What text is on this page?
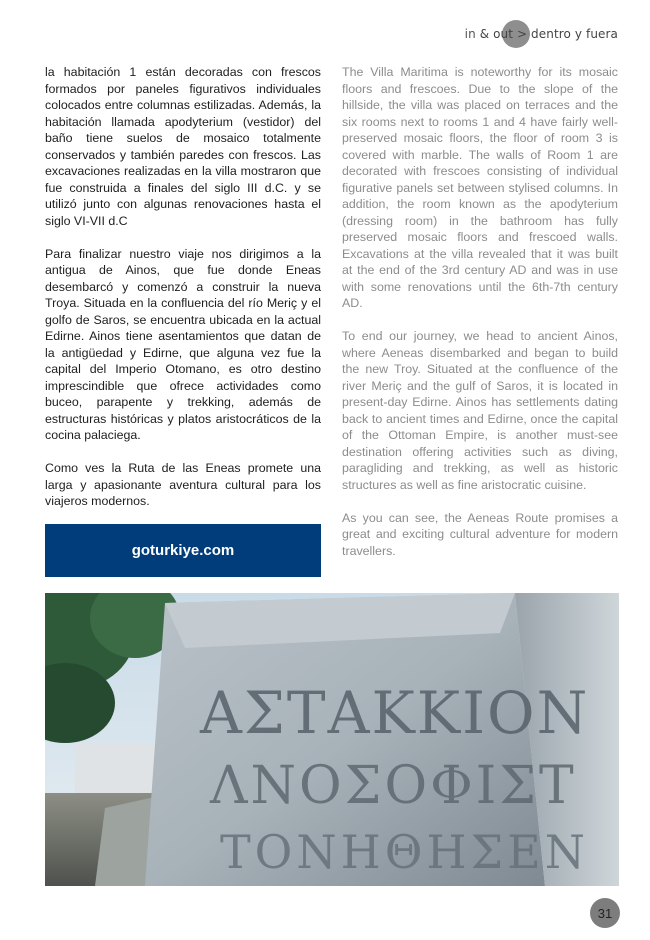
in & out > dentro y fuera

la habitación 1 están decoradas con frescos formados por paneles figurativos individuales colocados entre columnas estilizadas. Además, la habitación llamada apodyterium (vestidor) del baño tiene suelos de mosaico totalmente conservados y también paredes con frescos. Las excavaciones realizadas en la villa mostraron que fue construida a finales del siglo III d.C. y se utilizó junto con algunas renovaciones hasta el siglo VI-VII d.C

Para finalizar nuestro viaje nos dirigimos a la antigua de Ainos, que fue donde Eneas desembarcó y comenzó a construir la nueva Troya. Situada en la confluencia del río Meriç y el golfo de Saros, se encuentra ubicada en la actual Edirne. Ainos tiene asentamientos que datan de la antigüedad y Edirne, que alguna vez fue la capital del Imperio Otomano, es otro destino imprescindible que ofrece actividades como buceo, parapente y trekking, además de estructuras históricas y platos aristocráticos de la cocina palaciega.

Como ves la Ruta de las Eneas promete una larga y apasionante aventura cultural para los viajeros modernos.

goturkiye.com

The Villa Maritima is noteworthy for its mosaic floors and frescoes. Due to the slope of the hillside, the villa was placed on terraces and the six rooms next to rooms 1 and 4 have fairly well-preserved mosaic floors, the floor of room 3 is covered with marble. The walls of Room 1 are decorated with frescoes consisting of individual figurative panels set between stylised columns. In addition, the room known as the apodyterium (dressing room) in the bathroom has fully preserved mosaic floors and frescoed walls. Excavations at the villa revealed that it was built at the end of the 3rd century AD and was in use with some renovations until the 6th-7th century AD.

To end our journey, we head to ancient Ainos, where Aeneas disembarked and began to build the new Troy. Situated at the confluence of the river Meriç and the gulf of Saros, it is located in present-day Edirne. Ainos has settlements dating back to ancient times and Edirne, once the capital of the Ottoman Empire, is another must-see destination offering activities such as diving, paragliding and trekking, as well as historic structures as well as fine aristocratic cuisine.

As you can see, the Aeneas Route promises a great and exciting cultural adventure for modern travellers.

ΑΣΤΑΚΚΙΟΝ
ΛΝΟΣΟΦΙΣΤ
ΤΟΝΗΘΗΣΕΝ
31
